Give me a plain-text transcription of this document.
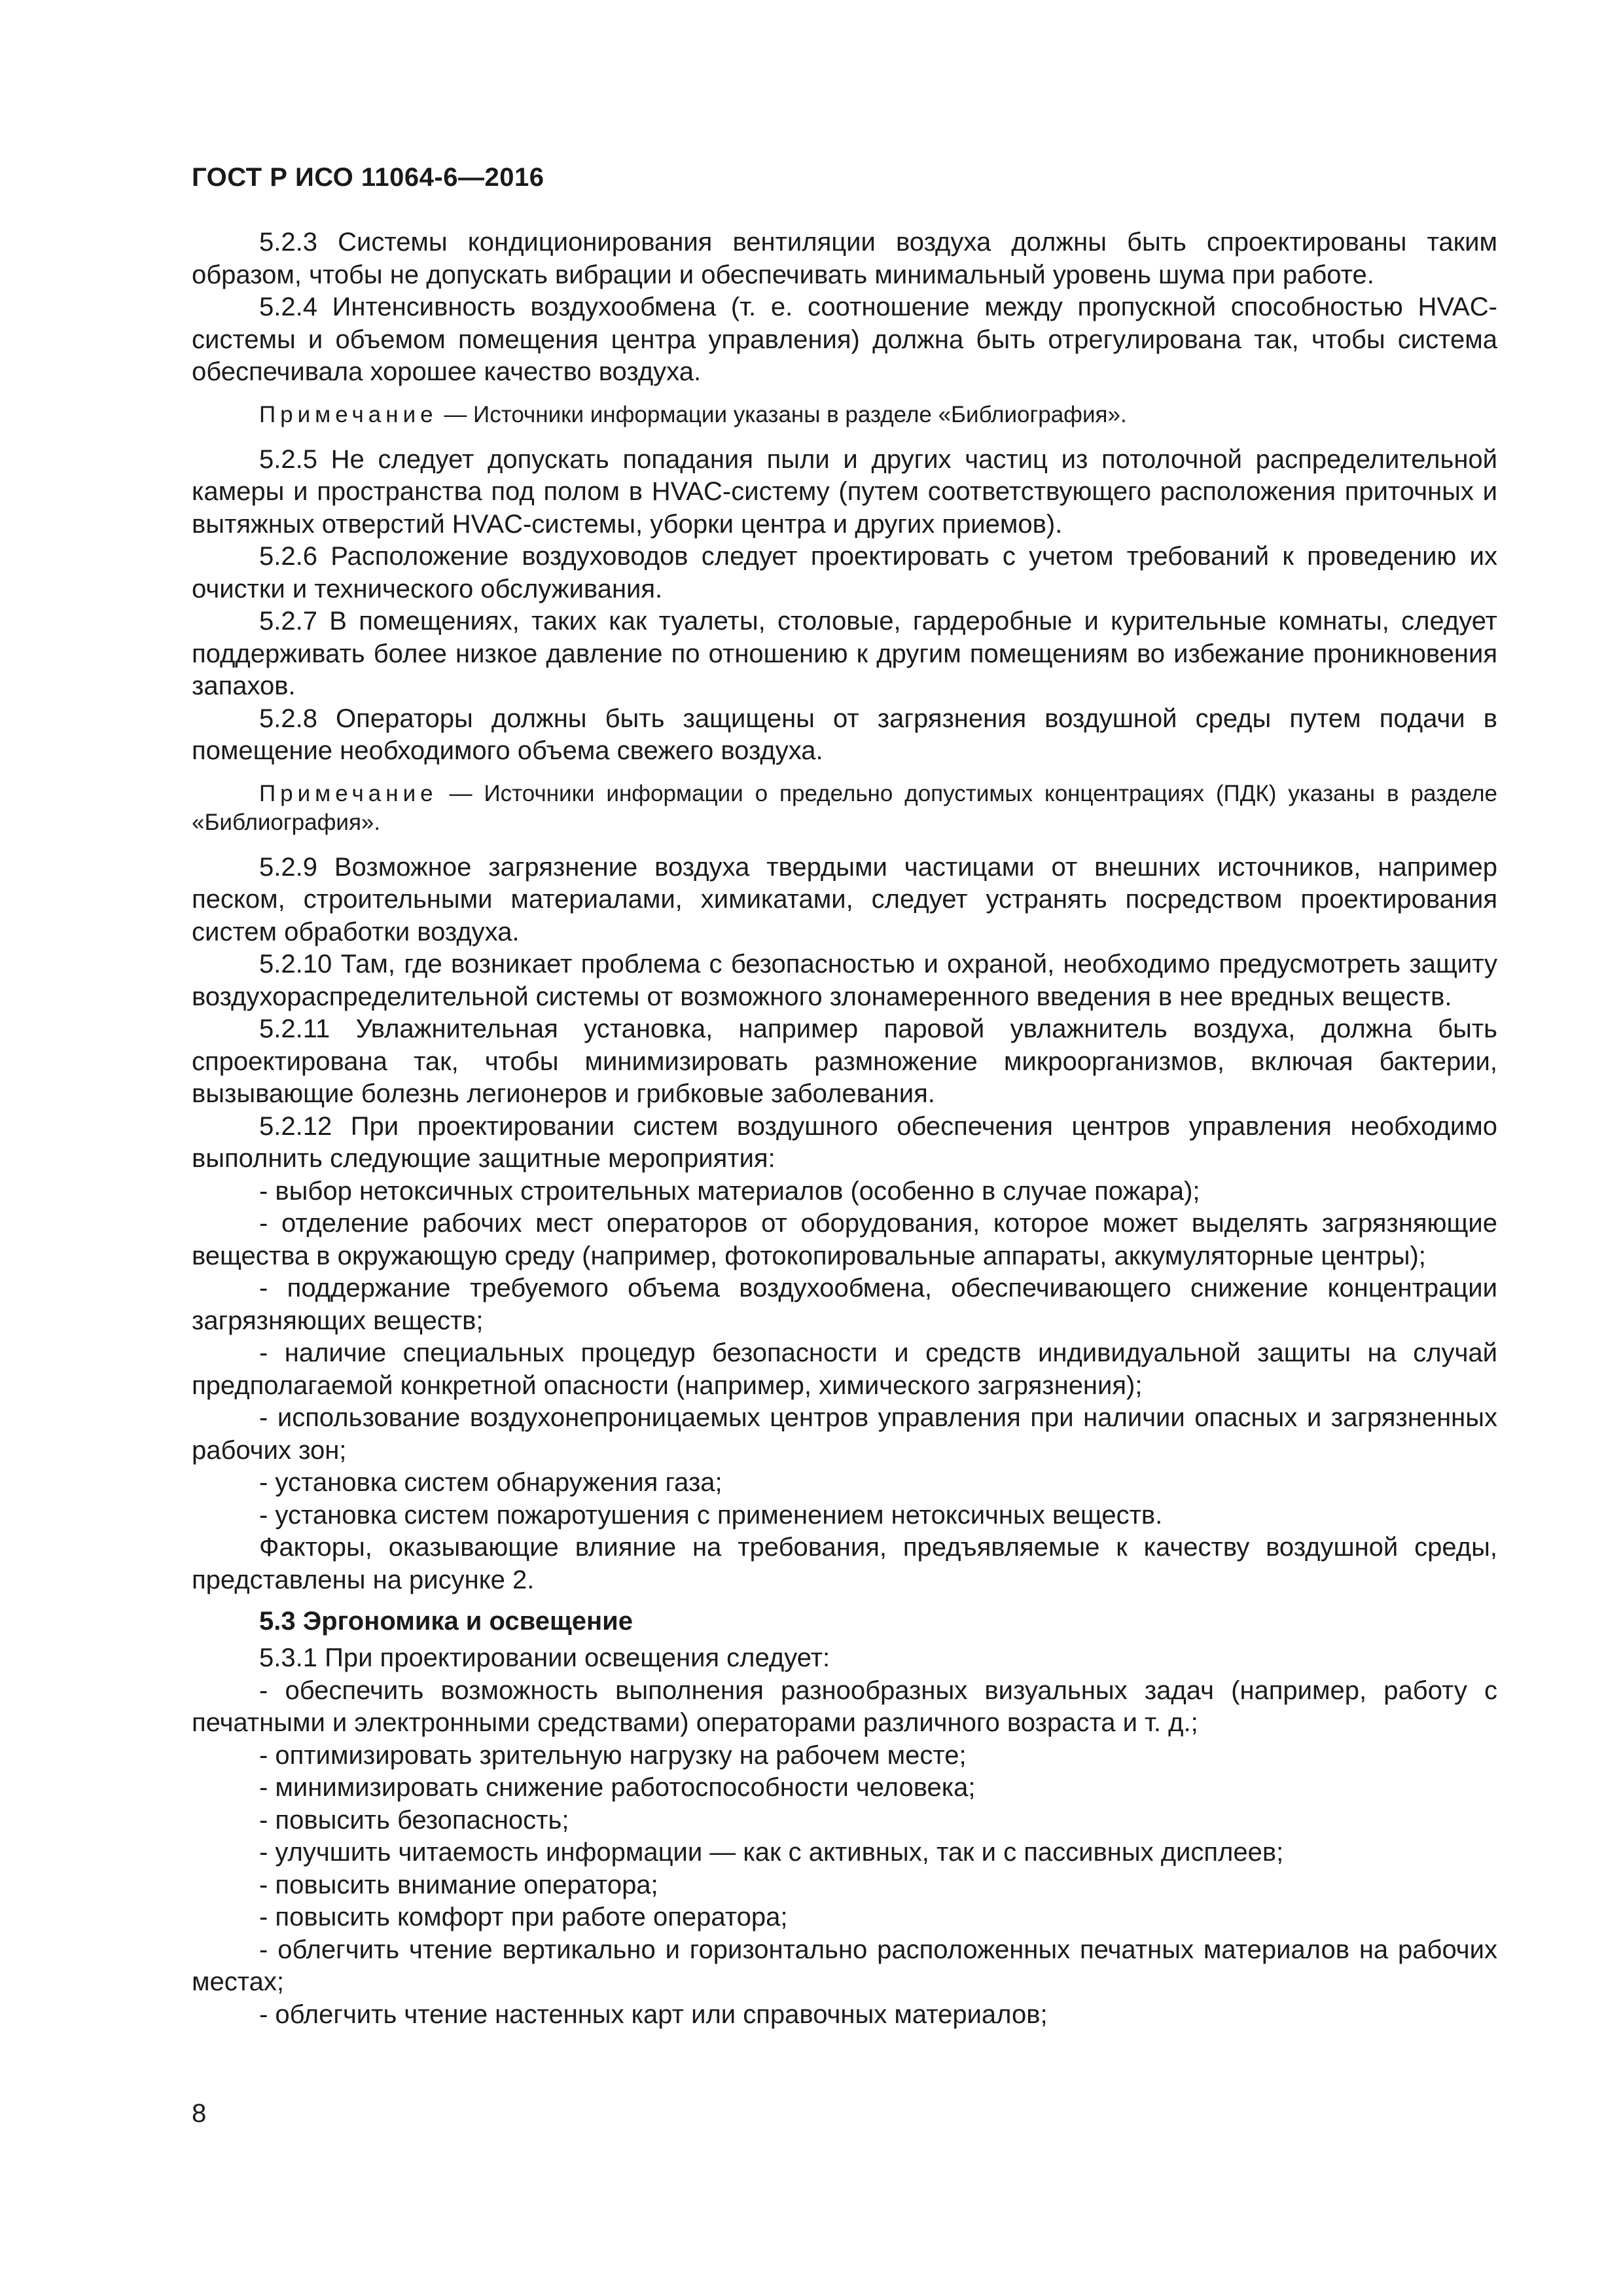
ГОСТ Р ИСО 11064-6—2016

5.2.3 Системы кондиционирования вентиляции воздуха должны быть спроектированы таким образом, чтобы не допускать вибрации и обеспечивать минимальный уровень шума при работе.

5.2.4 Интенсивность воздухообмена (т. е. соотношение между пропускной способностью HVAC-системы и объемом помещения центра управления) должна быть отрегулирована так, чтобы система обеспечивала хорошее качество воздуха.

Примечание — Источники информации указаны в разделе «Библиография».

5.2.5 Не следует допускать попадания пыли и других частиц из потолочной распределительной камеры и пространства под полом в HVAC-систему (путем соответствующего расположения приточных и вытяжных отверстий HVAC-системы, уборки центра и других приемов).

5.2.6 Расположение воздуховодов следует проектировать с учетом требований к проведению их очистки и технического обслуживания.

5.2.7 В помещениях, таких как туалеты, столовые, гардеробные и курительные комнаты, следует поддерживать более низкое давление по отношению к другим помещениям во избежание проникновения запахов.

5.2.8 Операторы должны быть защищены от загрязнения воздушной среды путем подачи в помещение необходимого объема свежего воздуха.

Примечание — Источники информации о предельно допустимых концентрациях (ПДК) указаны в разделе «Библиография».

5.2.9 Возможное загрязнение воздуха твердыми частицами от внешних источников, например песком, строительными материалами, химикатами, следует устранять посредством проектирования систем обработки воздуха.

5.2.10 Там, где возникает проблема с безопасностью и охраной, необходимо предусмотреть защиту воздухораспределительной системы от возможного злонамеренного введения в нее вредных веществ.

5.2.11 Увлажнительная установка, например паровой увлажнитель воздуха, должна быть спроектирована так, чтобы минимизировать размножение микроорганизмов, включая бактерии, вызывающие болезнь легионеров и грибковые заболевания.

5.2.12 При проектировании систем воздушного обеспечения центров управления необходимо выполнить следующие защитные мероприятия:

- выбор нетоксичных строительных материалов (особенно в случае пожара);

- отделение рабочих мест операторов от оборудования, которое может выделять загрязняющие вещества в окружающую среду (например, фотокопировальные аппараты, аккумуляторные центры);

- поддержание требуемого объема воздухообмена, обеспечивающего снижение концентрации загрязняющих веществ;

- наличие специальных процедур безопасности и средств индивидуальной защиты на случай предполагаемой конкретной опасности (например, химического загрязнения);

- использование воздухонепроницаемых центров управления при наличии опасных и загрязненных рабочих зон;

- установка систем обнаружения газа;

- установка систем пожаротушения с применением нетоксичных веществ.

Факторы, оказывающие влияние на требования, предъявляемые к качеству воздушной среды, представлены на рисунке 2.

5.3 Эргономика и освещение

5.3.1 При проектировании освещения следует:

- обеспечить возможность выполнения разнообразных визуальных задач (например, работу с печатными и электронными средствами) операторами различного возраста и т. д.;

- оптимизировать зрительную нагрузку на рабочем месте;

- минимизировать снижение работоспособности человека;

- повысить безопасность;

- улучшить читаемость информации — как с активных, так и с пассивных дисплеев;

- повысить внимание оператора;

- повысить комфорт при работе оператора;

- облегчить чтение вертикально и горизонтально расположенных печатных материалов на рабочих местах;

- облегчить чтение настенных карт или справочных материалов;

8
